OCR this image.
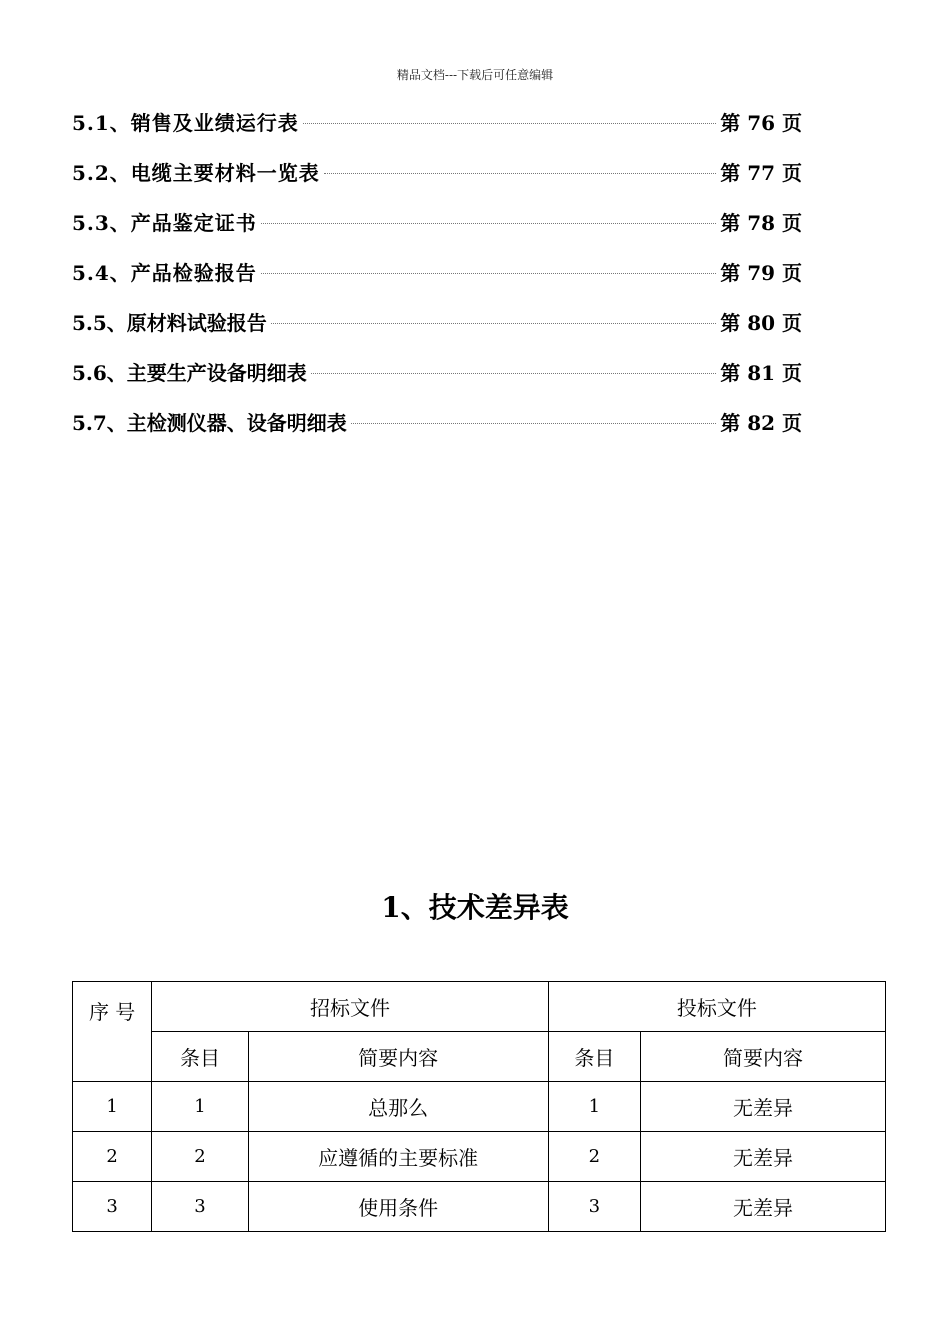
精品文档---下载后可任意编辑
5.1、销售及业绩运行表	第 76 页
5.2、电缆主要材料一览表	第 77 页
5.3、产品鉴定证书	第 78 页
5.4、产品检验报告	第 79 页
5.5、原材料试验报告	第 80 页
5.6、主要生产设备明细表	第 81 页
5.7、主检测仪器、设备明细表	第 82 页
1、技术差异表
序 号	招标文件		投标文件	
	条目	简要内容	条目	简要内容
1	1	总那么	1	无差异
2	2	应遵循的主要标准	2	无差异
3	3	使用条件	3	无差异
